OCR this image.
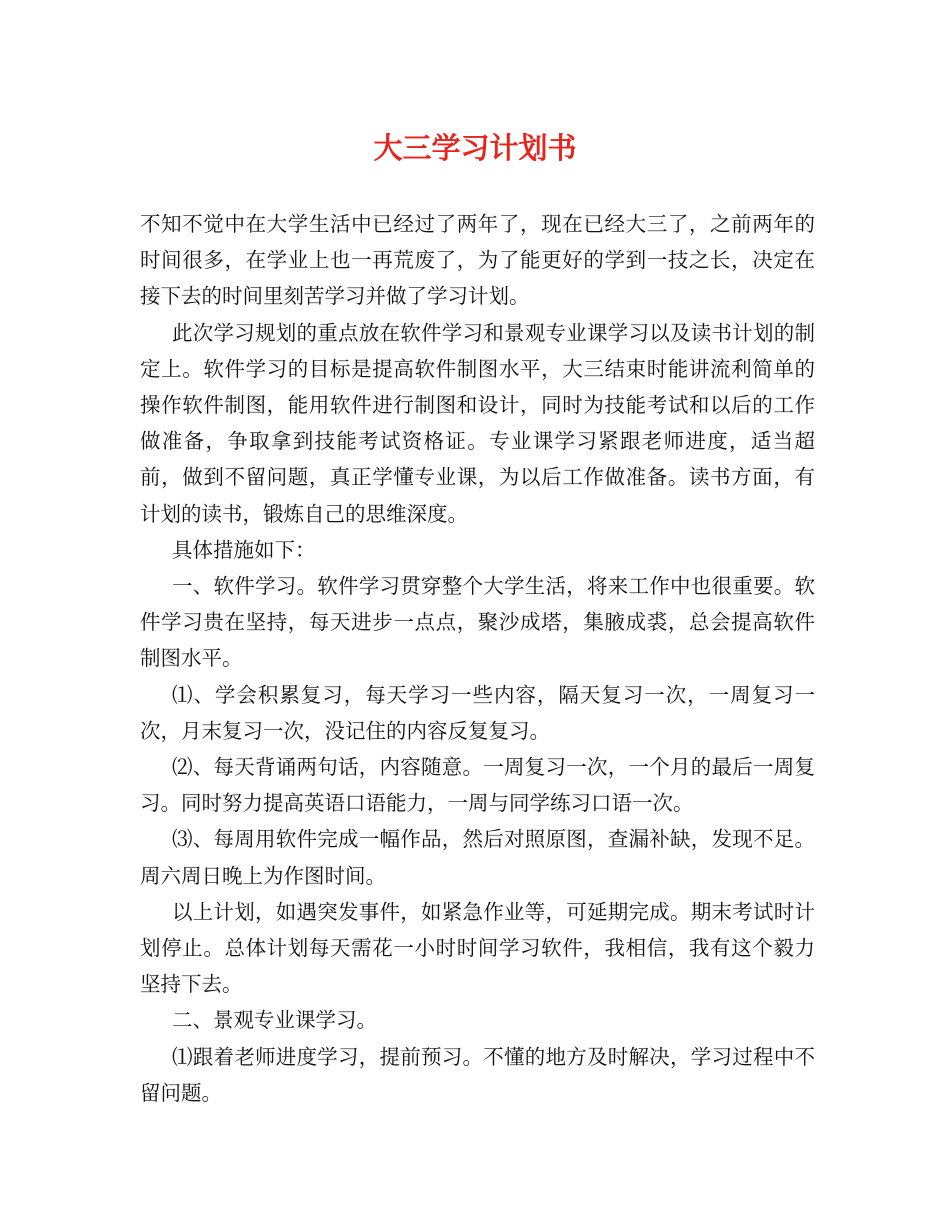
大三学习计划书

不知不觉中在大学生活中已经过了两年了，现在已经大三了，之前两年的时间很多，在学业上也一再荒废了，为了能更好的学到一技之长，决定在接下去的时间里刻苦学习并做了学习计划。

此次学习规划的重点放在软件学习和景观专业课学习以及读书计划的制定上。软件学习的目标是提高软件制图水平，大三结束时能讲流利简单的操作软件制图，能用软件进行制图和设计，同时为技能考试和以后的工作做准备，争取拿到技能考试资格证。专业课学习紧跟老师进度，适当超前，做到不留问题，真正学懂专业课，为以后工作做准备。读书方面，有计划的读书，锻炼自己的思维深度。

具体措施如下：

一、软件学习。软件学习贯穿整个大学生活，将来工作中也很重要。软件学习贵在坚持，每天进步一点点，聚沙成塔，集腋成裘，总会提高软件制图水平。

⑴、学会积累复习，每天学习一些内容，隔天复习一次，一周复习一次，月末复习一次，没记住的内容反复复习。

⑵、每天背诵两句话，内容随意。一周复习一次，一个月的最后一周复习。同时努力提高英语口语能力，一周与同学练习口语一次。

⑶、每周用软件完成一幅作品，然后对照原图，查漏补缺，发现不足。周六周日晚上为作图时间。

以上计划，如遇突发事件，如紧急作业等，可延期完成。期末考试时计划停止。总体计划每天需花一小时时间学习软件，我相信，我有这个毅力坚持下去。

二、景观专业课学习。

⑴跟着老师进度学习，提前预习。不懂的地方及时解决，学习过程中不留问题。
